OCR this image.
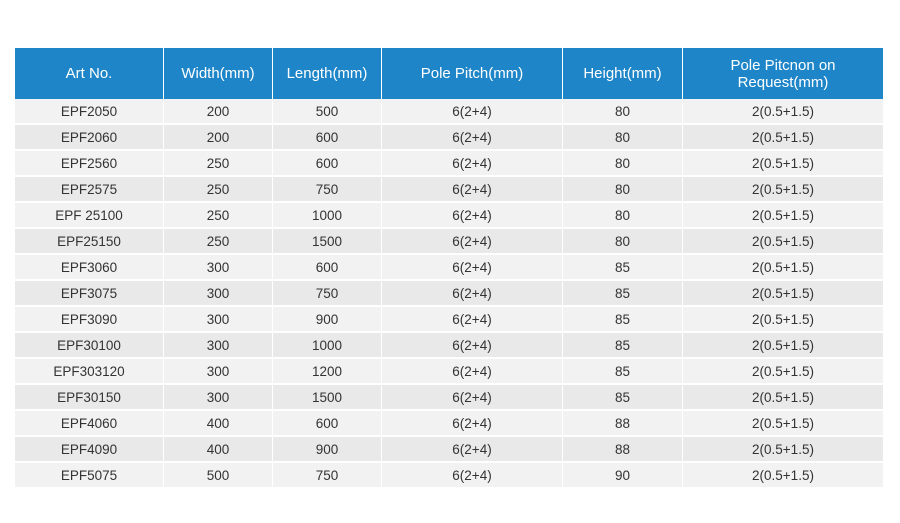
Art No.	Width(mm)	Length(mm)	Pole Pitch(mm)	Height(mm)	Pole Pitcnon on Request(mm)
EPF2050	200	500	6(2+4)	80	2(0.5+1.5)
EPF2060	200	600	6(2+4)	80	2(0.5+1.5)
EPF2560	250	600	6(2+4)	80	2(0.5+1.5)
EPF2575	250	750	6(2+4)	80	2(0.5+1.5)
EPF 25100	250	1000	6(2+4)	80	2(0.5+1.5)
EPF25150	250	1500	6(2+4)	80	2(0.5+1.5)
EPF3060	300	600	6(2+4)	85	2(0.5+1.5)
EPF3075	300	750	6(2+4)	85	2(0.5+1.5)
EPF3090	300	900	6(2+4)	85	2(0.5+1.5)
EPF30100	300	1000	6(2+4)	85	2(0.5+1.5)
EPF303120	300	1200	6(2+4)	85	2(0.5+1.5)
EPF30150	300	1500	6(2+4)	85	2(0.5+1.5)
EPF4060	400	600	6(2+4)	88	2(0.5+1.5)
EPF4090	400	900	6(2+4)	88	2(0.5+1.5)
EPF5075	500	750	6(2+4)	90	2(0.5+1.5)
